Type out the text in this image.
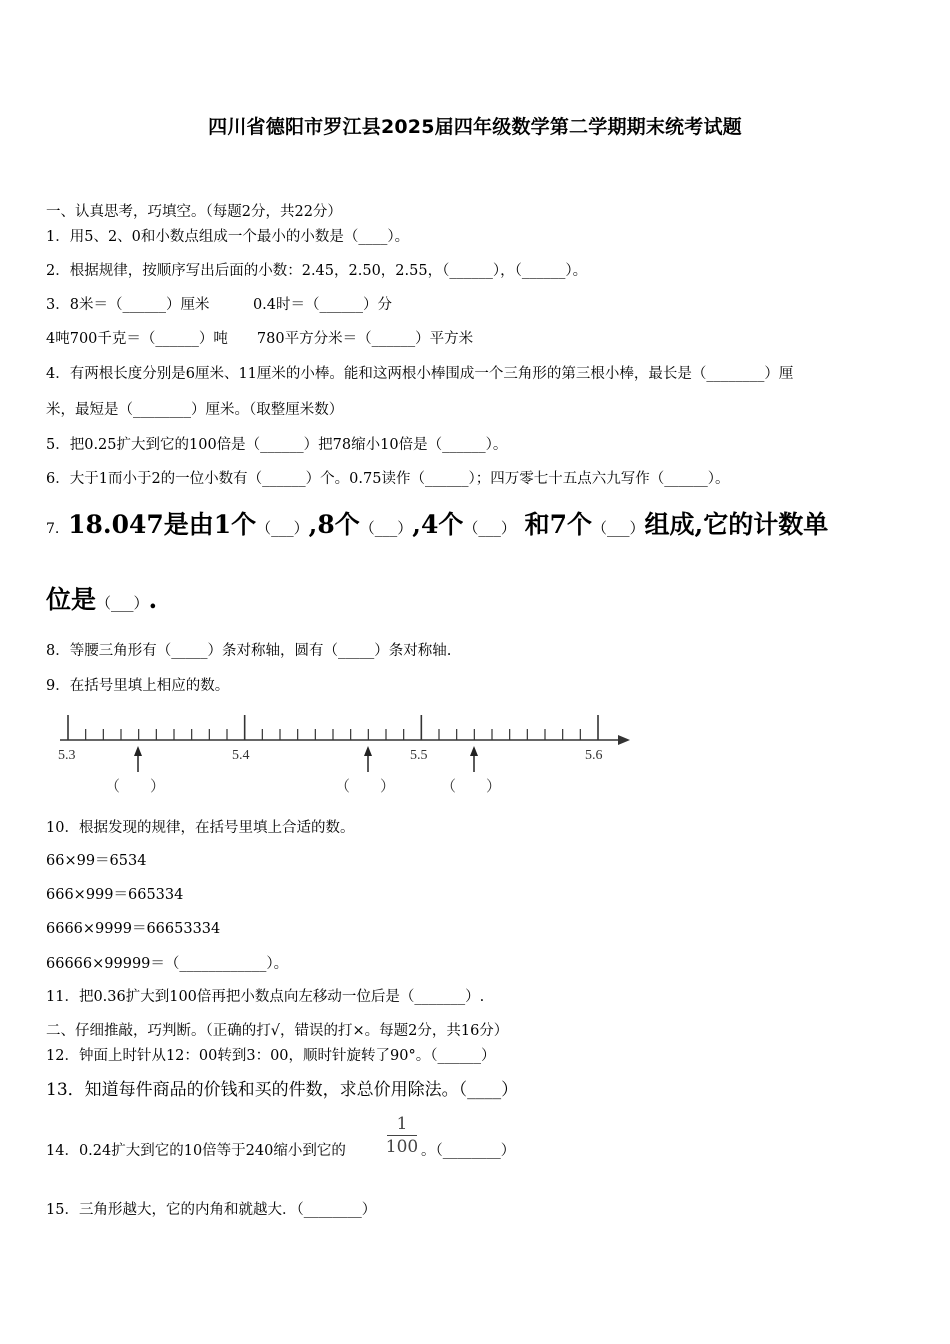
四川省德阳市罗江县2025届四年级数学第二学期期末统考试题
一、认真思考，巧填空。（每题2分，共22分）
1．用5、2、0和小数点组成一个最小的小数是（____）。
2．根据规律，按顺序写出后面的小数：2.45，2.50，2.55，（______），（______）。
3．8米＝（______）厘米　　　0.4时＝（______）分
4吨700千克＝（______）吨　　780平方分米＝（______）平方米
4．有两根长度分别是6厘米、11厘米的小棒。能和这两根小棒围成一个三角形的第三根小棒，最长是（________）厘
米，最短是（________）厘米。（取整厘米数）
5．把0.25扩大到它的100倍是（______）把78缩小10倍是（______）。
6．大于1而小于2的一位小数有（______）个。0.75读作（______）；四万零七十五点六九写作（______）。
7. 18.047是由1个（___）,8个（___）,4个（___） 和7个（___）组成,它的计数单
位是（___）.
8．等腰三角形有（_____）条对称轴，圆有（_____）条对称轴.
9．在括号里填上相应的数。
5.3	5.4	5.5	5.6
（　　）	（　　）	（　　）
10．根据发现的规律，在括号里填上合适的数。
66×99＝6534
666×999＝665334
6666×9999＝66653334
66666×99999＝（____________）。
11．把0.36扩大到100倍再把小数点向左移动一位后是（_______）.
二、仔细推敲，巧判断。（正确的打√，错误的打×。每题2分，共16分）
12．钟面上时针从12：00转到3：00，顺时针旋转了90°。（______）
13．知道每件商品的价钱和买的件数，求总价用除法。（____）
14．0.24扩大到它的10倍等于240缩小到它的
1
100 。（________）
15．三角形越大，它的内角和就越大．（________）
